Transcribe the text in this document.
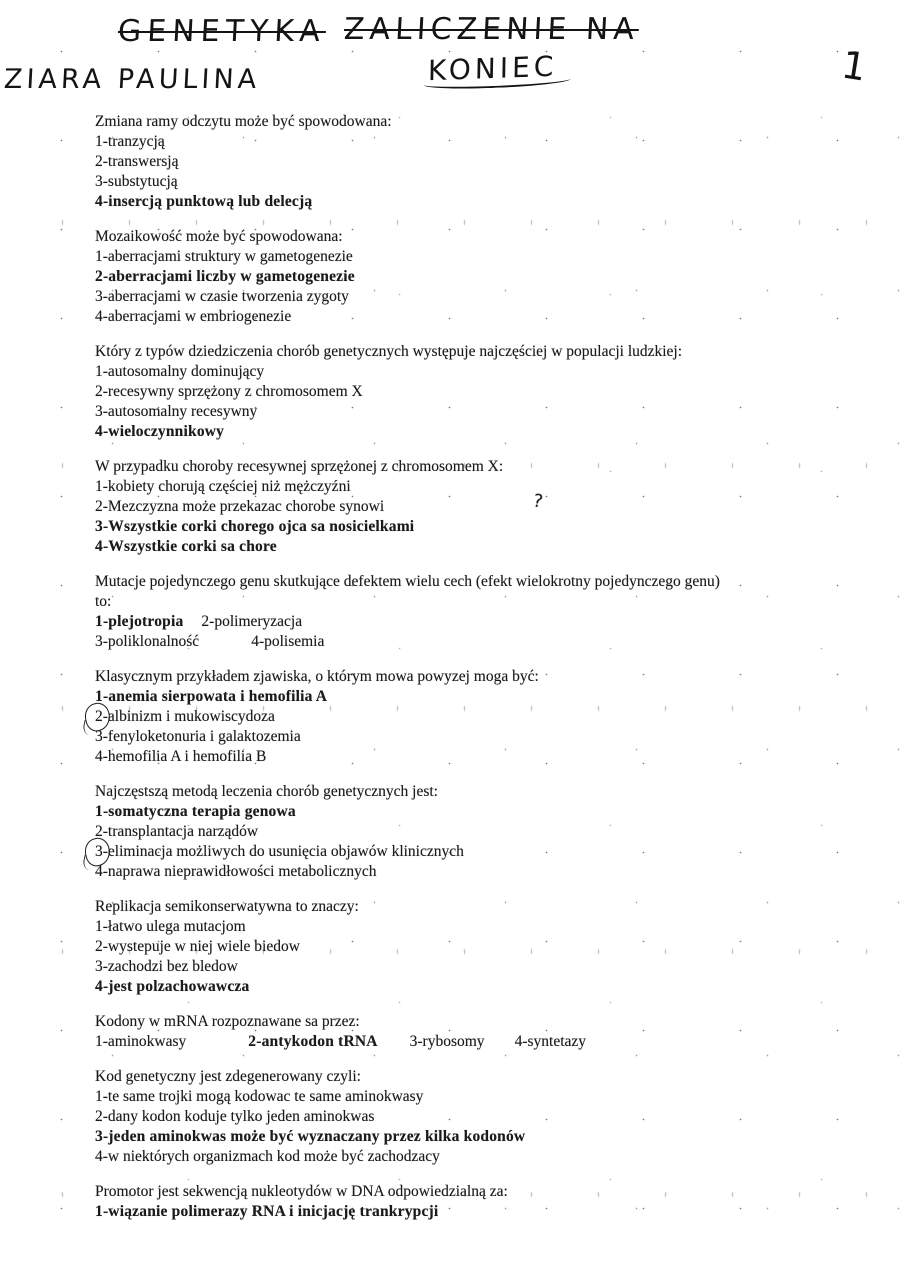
GENETYKA ZALICZENIE NA
KONIEC
ZIARA PAULINA	1
Zmiana ramy odczytu może być spowodowana:
1-tranzycją
2-transwersją
3-substytucją
4-insercją punktową lub delecją
Mozaikowość może być spowodowana:
1-aberracjami struktury w gametogenezie
2-aberracjami liczby w gametogenezie
3-aberracjami w czasie tworzenia zygoty
4-aberracjami w embriogenezie
Który z typów dziedziczenia chorób genetycznych występuje najczęściej w populacji ludzkiej:
1-autosomalny dominujący
2-recesywny sprzężony z chromosomem X
3-autosomalny recesywny
4-wieloczynnikowy
W przypadku choroby recesywnej sprzężonej z chromosomem X:
1-kobiety chorują częściej niż mężczyźni
2-Mezczyzna może przekazac chorobe synowi	?
3-Wszystkie corki chorego ojca sa nosicielkami
4-Wszystkie corki sa chore
Mutacje pojedynczego genu skutkujące defektem wielu cech (efekt wielokrotny pojedynczego genu)
to:
1-plejotropia 2-polimeryzacja
3-poliklonalność	4-polisemia
Klasycznym przykładem zjawiska, o którym mowa powyzej moga być:
1-anemia sierpowata i hemofilia A
2-albinizm i mukowiscydoza
3-fenyloketonuria i galaktozemia
4-hemofilia A i hemofilia B
Najczęstszą metodą leczenia chorób genetycznych jest:
1-somatyczna terapia genowa
2-transplantacja narządów
3-eliminacja możliwych do usunięcia objawów klinicznych
4-naprawa nieprawidłowości metabolicznych
Replikacja semikonserwatywna to znaczy:
1-łatwo ulega mutacjom
2-wystepuje w niej wiele biedow
3-zachodzi bez bledow
4-jest polzachowawcza
Kodony w mRNA rozpoznawane sa przez:
1-aminokwasy	2-antykodon tRNA 3-rybosomy 4-syntetazy
Kod genetyczny jest zdegenerowany czyli:
1-te same trojki mogą kodowac te same aminokwasy
2-dany kodon koduje tylko jeden aminokwas
3-jeden aminokwas może być wyznaczany przez kilka kodonów
4-w niektórych organizmach kod może być zachodzacy
Promotor jest sekwencją nukleotydów w DNA odpowiedzialną za:
1-wiązanie polimerazy RNA i inicjację trankrypcji
